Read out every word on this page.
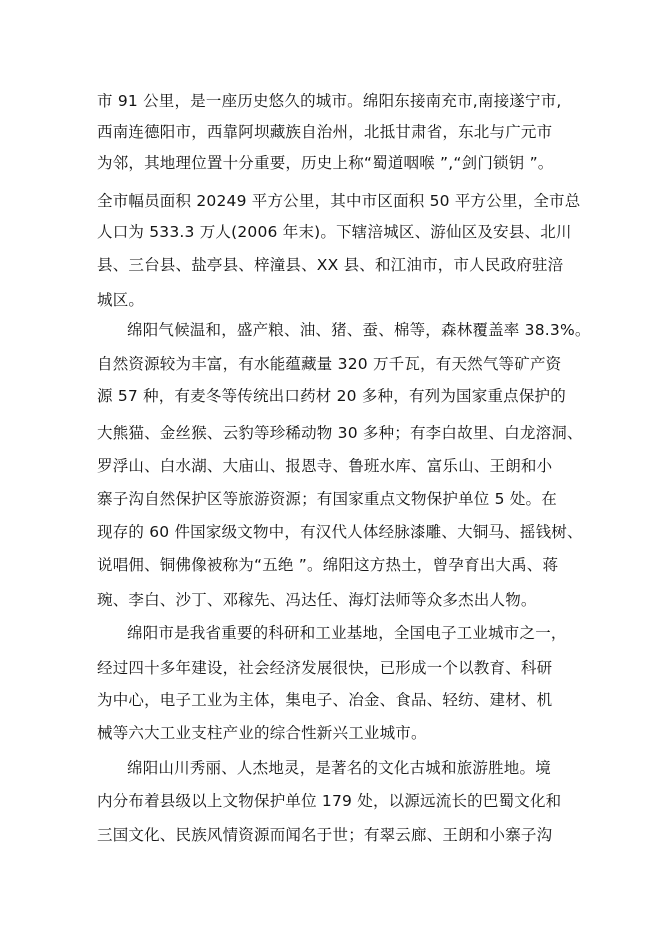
市 91 公里，是一座历史悠久的城市。绵阳东接南充市,南接遂宁市,
西南连德阳市，西靠阿坝藏族自治州，北抵甘肃省，东北与广元市
为邻，其地理位置十分重要，历史上称“蜀道咽喉 ”,“剑门锁钥 ”。
全市幅员面积 20249 平方公里，其中市区面积 50 平方公里，全市总
人口为 533.3 万人(2006 年末)。下辖涪城区、游仙区及安县、北川
县、三台县、盐亭县、梓潼县、XX 县、和江油市，市人民政府驻涪
城区。
绵阳气候温和，盛产粮、油、猪、蚕、棉等，森林覆盖率 38.3%。
自然资源较为丰富，有水能蕴藏量 320 万千瓦，有天然气等矿产资
源 57 种，有麦冬等传统出口药材 20 多种，有列为国家重点保护的
大熊猫、金丝猴、云豹等珍稀动物 30 多种；有李白故里、白龙溶洞、
罗浮山、白水湖、大庙山、报恩寺、鲁班水库、富乐山、王朗和小
寨子沟自然保护区等旅游资源；有国家重点文物保护单位 5 处。在
现存的 60 件国家级文物中，有汉代人体经脉漆雕、大铜马、摇钱树、
说唱佣、铜佛像被称为“五绝 ”。绵阳这方热土，曾孕育出大禹、蒋
琬、李白、沙丁、邓稼先、冯达任、海灯法师等众多杰出人物。
绵阳市是我省重要的科研和工业基地，全国电子工业城市之一，
经过四十多年建设，社会经济发展很快，已形成一个以教育、科研
为中心，电子工业为主体，集电子、冶金、食品、轻纺、建材、机
械等六大工业支柱产业的综合性新兴工业城市。
绵阳山川秀丽、人杰地灵，是著名的文化古城和旅游胜地。境
内分布着县级以上文物保护单位 179 处，以源远流长的巴蜀文化和
三国文化、民族风情资源而闻名于世；有翠云廊、王朗和小寨子沟
